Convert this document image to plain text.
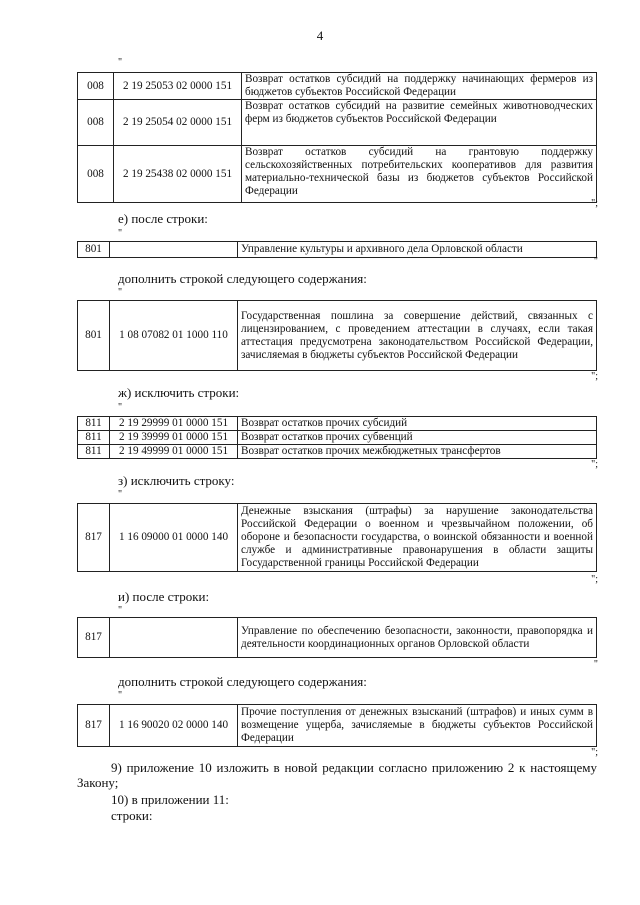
4
"
008	2 19 25053 02 0000 151	Возврат остатков субсидий на поддержку начинающих фермеров из бюджетов субъектов Российской Федерации
008	2 19 25054 02 0000 151	Возврат остатков субсидий на развитие семейных животноводческих ферм из бюджетов субъектов Российской Федерации
008	2 19 25438 02 0000 151	Возврат остатков субсидий на грантовую поддержку сельскохозяйственных потребительских кооперативов для развития материально-технической базы из бюджетов субъектов Российской Федерации
";
е) после строки:
"
801		Управление культуры и архивного дела Орловской области
"
дополнить строкой следующего содержания:
"
801	1 08 07082 01 1000 110	Государственная пошлина за совершение действий, связанных с лицензированием, с проведением аттестации в случаях, если такая аттестация предусмотрена законодательством Российской Федерации, зачисляемая в бюджеты субъектов Российской Федерации
";
ж) исключить строки:
"
811	2 19 29999 01 0000 151	Возврат остатков прочих субсидий
811	2 19 39999 01 0000 151	Возврат остатков прочих субвенций
811	2 19 49999 01 0000 151	Возврат остатков прочих межбюджетных трансфертов
";
з) исключить строку:
"
817	1 16 09000 01 0000 140	Денежные взыскания (штрафы) за нарушение законодательства Российской Федерации о военном и чрезвычайном положении, об обороне и безопасности государства, о воинской обязанности и военной службе и административные правонарушения в области защиты Государственной границы Российской Федерации
";
и) после строки:
"
817		Управление по обеспечению безопасности, законности, правопорядка и деятельности координационных органов Орловской области
"
дополнить строкой следующего содержания:
"
817	1 16 90020 02 0000 140	Прочие поступления от денежных взысканий (штрафов) и иных сумм в возмещение ущерба, зачисляемые в бюджеты субъектов Российской Федерации
";
9) приложение 10 изложить в новой редакции согласно приложению 2 к настоящему Закону;
10) в приложении 11:
строки:
